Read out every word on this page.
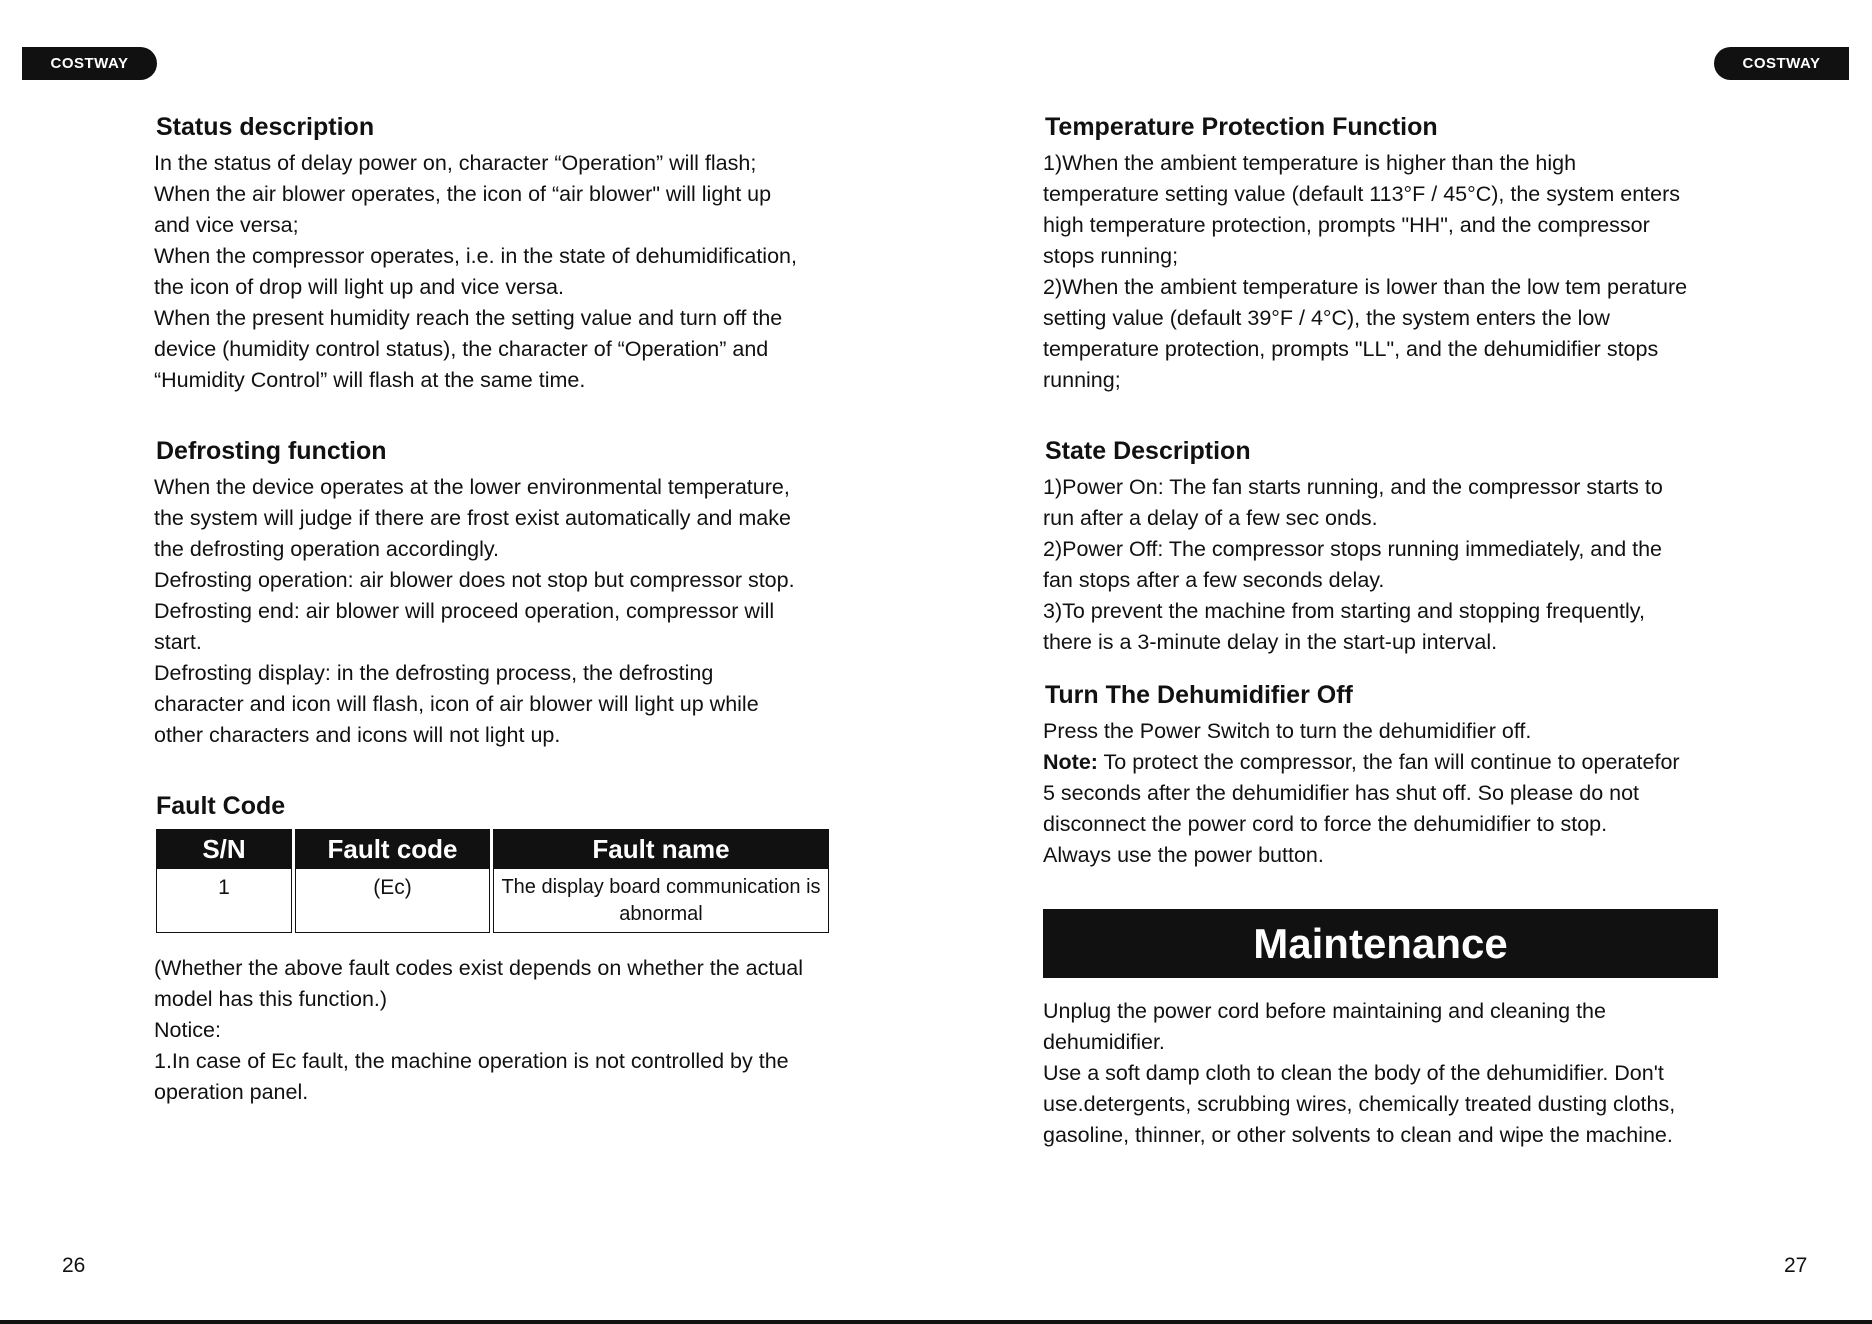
COSTWAY	COSTWAY
Status description

In the status of delay power on, character “Operation” will flash;
When the air blower operates, the icon of “air blower" will light up
and vice versa;
When the compressor operates, i.e. in the state of dehumidification,
the icon of drop will light up and vice versa.
When the present humidity reach the setting value and turn off the
device (humidity control status), the character of “Operation” and
“Humidity Control” will flash at the same time.

Defrosting function

When the device operates at the lower environmental temperature,
the system will judge if there are frost exist automatically and make
the defrosting operation accordingly.
Defrosting operation: air blower does not stop but compressor stop.
Defrosting end: air blower will proceed operation, compressor will
start.
Defrosting display: in the defrosting process, the defrosting
character and icon will flash, icon of air blower will light up while
other characters and icons will not light up.

Fault Code
S/N	Fault code	Fault name
1	(Ec)	The display board communication is abnormal

(Whether the above fault codes exist depends on whether the actual
model has this function.)
Notice:
1.In case of Ec fault, the machine operation is not controlled by the
operation panel.

Temperature Protection Function

1)When the ambient temperature is higher than the high
temperature setting value (default 113°F / 45°C), the system enters
high temperature protection, prompts "HH", and the compressor
stops running;
2)When the ambient temperature is lower than the low tem perature
setting value (default 39°F / 4°C), the system enters the low
temperature protection, prompts "LL", and the dehumidifier stops
running;

State Description

1)Power On: The fan starts running, and the compressor starts to
run after a delay of a few sec onds.
2)Power Off: The compressor stops running immediately, and the
fan stops after a few seconds delay.
3)To prevent the machine from starting and stopping frequently,
there is a 3-minute delay in the start-up interval.

Turn The Dehumidifier Off

Press the Power Switch to turn the dehumidifier off.
Note: To protect the compressor, the fan will continue to operatefor
5 seconds after the dehumidifier has shut off. So please do not
disconnect the power cord to force the dehumidifier to stop.
Always use the power button.

Maintenance

Unplug the power cord before maintaining and cleaning the
dehumidifier.
Use a soft damp cloth to clean the body of the dehumidifier. Don't
use.detergents, scrubbing wires, chemically treated dusting cloths,
gasoline, thinner, or other solvents to clean and wipe the machine.

26	27
